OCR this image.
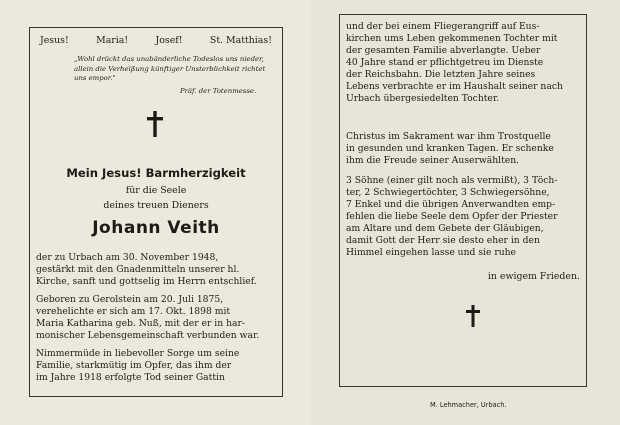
Jesus!	Maria!	Josef!	St. Matthias!
„Wohl drückt das unabänderliche Todeslos uns nieder, allein die Verheißung künftiger Unsterblichkeit richtet uns empor."
Präf. der Totenmesse.
Mein Jesus! Barmherzigkeit
für die Seele
deines treuen Dieners
Johann Veith
der zu Urbach am 30. November 1948,
gestärkt mit den Gnadenmitteln unserer hl.
Kirche, sanft und gottselig im Herrn entschlief.
Geboren zu Gerolstein am 20. Juli 1875,
verehelichte er sich am 17. Okt. 1898 mit
Maria Katharina geb. Nuß, mit der er in har-
monischer Lebensgemeinschaft verbunden war.
Nimmermüde in liebevoller Sorge um seine
Familie, starkmütig im Opfer, das ihm der
im Jahre 1918 erfolgte Tod seiner Gattin
und der bei einem Fliegerangriff auf Eus-
kirchen ums Leben gekommenen Tochter mit
der gesamten Familie abverlangte. Ueber
40 Jahre stand er pflichtgetreu im Dienste
der Reichsbahn. Die letzten Jahre seines
Lebens verbrachte er im Haushalt seiner nach
Urbach übergesiedelten Tochter.
Christus im Sakrament war ihm Trostquelle
in gesunden und kranken Tagen. Er schenke
ihm die Freude seiner Auserwählten.
3 Söhne (einer gilt noch als vermißt), 3 Töch-
ter, 2 Schwiegertöchter, 3 Schwiegersöhne,
7 Enkel und die übrigen Anverwandten emp-
fehlen die liebe Seele dem Opfer der Priester
am Altare und dem Gebete der Gläubigen,
damit Gott der Herr sie desto eher in den
Himmel eingehen lasse und sie ruhe
in ewigem Frieden.
M. Lehmacher, Urbach.
